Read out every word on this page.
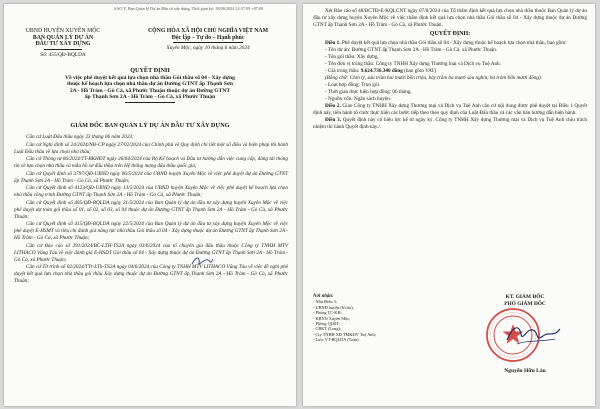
SAO Y, Ban Quản lý Dự án Đầu tư xây dựng, Thời gian ký: 18/06/2024 14:37:09 +07:00
UBND HUYỆN XUYÊN MỘC
BAN QUẢN LÝ DỰ ÁN
ĐẦU TƯ XÂY DỰNG
Số: 455/QĐ-BQLDA
CỘNG HÒA XÃ HỘI CHỦ NGHĨA VIỆT NAM
Độc lập – Tự do – Hạnh phúc
Xuyên Mộc, ngày 10 tháng 6 năm 2024
QUYẾT ĐỊNH
Về việc phê duyệt kết quả lựa chọn nhà thầu Gói thầu số 04 - Xây dựng
thuộc kế hoạch lựa chọn nhà thầu dự án Đường GTNT ấp Thạnh Sơn
2A - Hồ Tràm - Gò Cà, xã Phước Thuận thuộc dự án Đường GTNT
ấp Thạnh Sơn 2A - Hồ Tràm - Gò Cà, xã Phước Thuận
GIÁM ĐỐC BAN QUẢN LÝ DỰ ÁN ĐẦU TƯ XÂY DỰNG

Căn cứ Luật Đấu thầu ngày 23 tháng 06 năm 2023;

Căn cứ Nghị định số 24/2024/NĐ-CP ngày 27/02/2024 của Chính phủ về Quy định chi tiết một số điều và biện pháp thi hành Luật Đấu thầu về lựa chọn nhà thầu;

Căn cứ Thông tư 06/2024/TT-BKHĐT ngày 26/04/2024 của Bộ Kế hoạch và Đầu tư hướng dẫn việc cung cấp, đăng tải thông tin về lựa chọn nhà thầu và mẫu hồ sơ đấu thầu trên Hệ thống mạng đấu thầu quốc gia;

Căn cứ Quyết định số 3797/QĐ-UBND ngày 06/5/2024 của UBND huyện Xuyên Mộc về việc phê duyệt dự án Đường GTNT ấp Thạnh Sơn 2A - Hồ Tràm - Gò Cà, xã Phước Thuận;

Căn cứ Quyết định số 4123/QĐ-UBND ngày 13/5/2024 của UBND huyện Xuyên Mộc về việc phê duyệt kế hoạch lựa chọn nhà thầu công trình Đường GTNT ấp Thạnh Sơn 2A - Hồ Tràm - Gò Cà, xã Phước Thuận;

Căn cứ Quyết định số 405/QĐ-BQLDA ngày 21/5/2024 của Ban Quản lý dự án đầu tư xây dựng huyện Xuyên Mộc về việc phê duyệt dự toán gói thầu số 01, số 02, số 03, số 04 thuộc dự án Đường GTNT ấp Thạnh Sơn 2A - Hồ Tràm - Gò Cà, xã Phước Thuận;

Căn cứ Quyết định số 415/QĐ-BQLDA ngày 22/5/2024 của Ban Quản lý dự án đầu tư xây dựng huyện Xuyên Mộc về việc phê duyệt E-HSMT và tiêu chí đánh giá năng lực nhà thầu Gói thầu số 04 - Xây dựng thuộc dự án Đường GTNT ấp Thạnh Sơn 2A - Hồ Tràm - Gò Cà, xã Phước Thuận;

Căn cứ Báo cáo số 391/2024/BC-LTH-TS2A ngày 03/6/2024 của tổ chuyên gia đấu thầu thuộc Công ty TNHH MTV LITHACO Vũng Tàu về việc đánh giá E-HSDT Gói thầu số 04 - Xây dựng thuộc dự án Đường GTNT ấp Thạnh Sơn 2A - Hồ Tràm - Gò Cà, xã Phước Thuận;

Căn cứ Tờ trình số 02/2024/TTr-LTh-TS2A ngày 04/6/2024 của Công ty TNHH MTV LITHACO Vũng Tàu về việc đề nghị phê duyệt kết quả lựa chọn nhà thầu gói thầu Xây dựng thuộc dự án Đường GTNT ấp Thạnh Sơn 2A - Hồ Tràm - Gò Cà, xã Phước Thuận;

Xét Báo cáo số 48/BCTĐ-E-KQLCNT ngày 07/6/2024 của Tổ thẩm định kết quả lựa chọn nhà thầu thuộc Ban Quản lý dự án đầu tư xây dựng huyện Xuyên Mộc về việc thẩm định kết quả lựa chọn nhà thầu Gói thầu số 04 - Xây dựng thuộc dự án Đường GTNT ấp Thạnh Sơn 2A - Hồ Tràm - Gò Cà, xã Phước Thuận.

QUYẾT ĐỊNH:

Điều 1. Phê duyệt kết quả lựa chọn nhà thầu Gói thầu số 04 - Xây dựng thuộc kế hoạch lựa chọn nhà thầu, bao gồm:

- Tên dự án: Đường GTNT ấp Thạnh Sơn 2A - Hồ Tràm - Gò Cà, xã Phước Thuận.

- Tên gói thầu: Xây dựng.

- Tên đơn vị trúng thầu: Công ty TNHH Xây dựng Thương mại và Dịch vụ Tuệ Anh.

- Giá trúng thầu: 9.624.736.340 đồng (bao gồm VAT)

(Bằng chữ: Chín tỷ, sáu trăm hai mươi bốn triệu, bảy trăm ba mươi sáu nghìn, ba trăm bốn mươi đồng).

- Loại hợp đồng: Trọn gói.

- Thời gian thực hiện hợp đồng: 06 tháng.

- Nguồn vốn: Ngân sách huyện.

Điều 2. Giao Công ty TNHH Xây dựng Thương mại và Dịch vụ Tuệ Anh căn cứ nội dung được phê duyệt tại Điều 1 Quyết định này, tiến hành tổ chức thực hiện các bước tiếp theo theo quy định của Luật Đấu thầu và các văn bản hướng dẫn hiện hành.

Điều 3. Quyết định này có hiệu lực kể từ ngày ký. Công ty TNHH Xây dựng Thương mại và Dịch vụ Tuệ Anh chịu trách nhiệm thi hành Quyết định này./.

Nơi nhận:
- Như Điều 3;
- UBND huyện (b/cáo);
- Phòng TC-KH;
- KBNN Xuyên Mộc;
- Phòng QLĐT;
- CBKT (Long);
- Cty TNHH XD TM&DV Tuệ Anh;
- Lưu: VT-BQLDA (Toàn).
KT. GIÁM ĐỐC
PHÓ GIÁM ĐỐC
Nguyễn Hữu Lâu
